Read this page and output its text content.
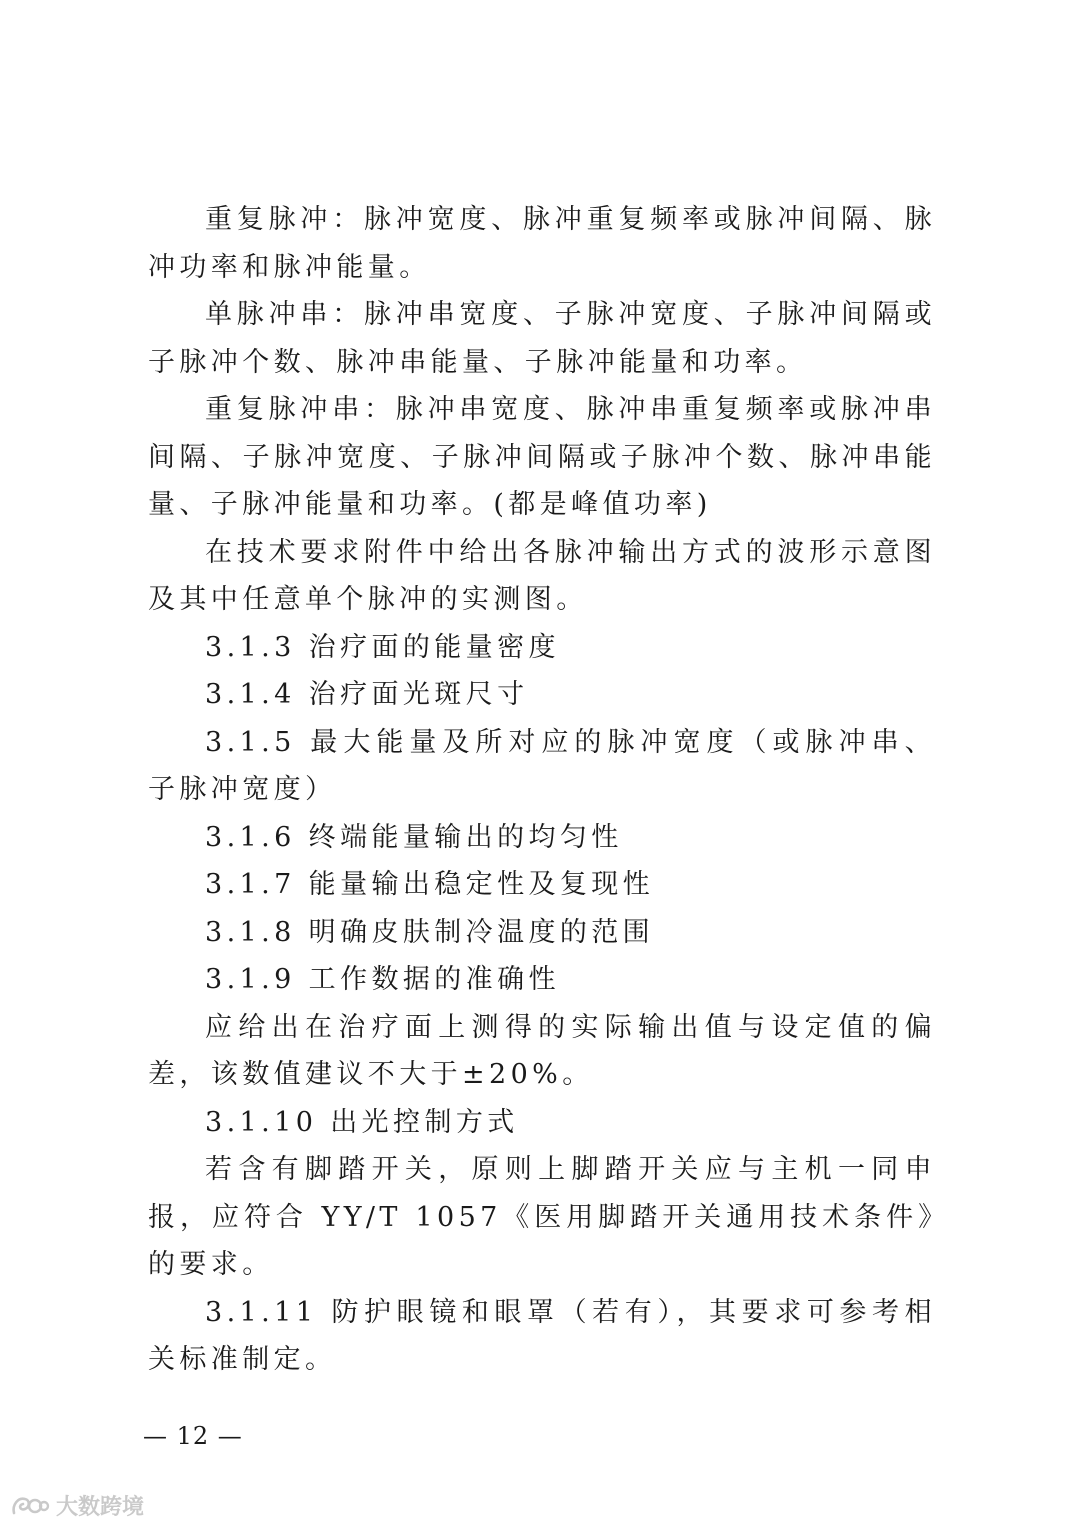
重复脉冲：脉冲宽度、脉冲重复频率或脉冲间隔、脉冲功率和脉冲能量。

单脉冲串：脉冲串宽度、子脉冲宽度、子脉冲间隔或子脉冲个数、脉冲串能量、子脉冲能量和功率。

重复脉冲串：脉冲串宽度、脉冲串重复频率或脉冲串间隔、子脉冲宽度、子脉冲间隔或子脉冲个数、脉冲串能量、子脉冲能量和功率。(都是峰值功率)

在技术要求附件中给出各脉冲输出方式的波形示意图及其中任意单个脉冲的实测图。

3.1.3 治疗面的能量密度

3.1.4 治疗面光斑尺寸

3.1.5 最大能量及所对应的脉冲宽度（或脉冲串、子脉冲宽度）

3.1.6 终端能量输出的均匀性

3.1.7 能量输出稳定性及复现性

3.1.8 明确皮肤制冷温度的范围

3.1.9 工作数据的准确性

应给出在治疗面上测得的实际输出值与设定值的偏差，该数值建议不大于±20%。

3.1.10 出光控制方式

若含有脚踏开关，原则上脚踏开关应与主机一同申报，应符合 YY/T 1057《医用脚踏开关通用技术条件》的要求。

3.1.11 防护眼镜和眼罩（若有），其要求可参考相关标准制定。

— 12 —
大数跨境
